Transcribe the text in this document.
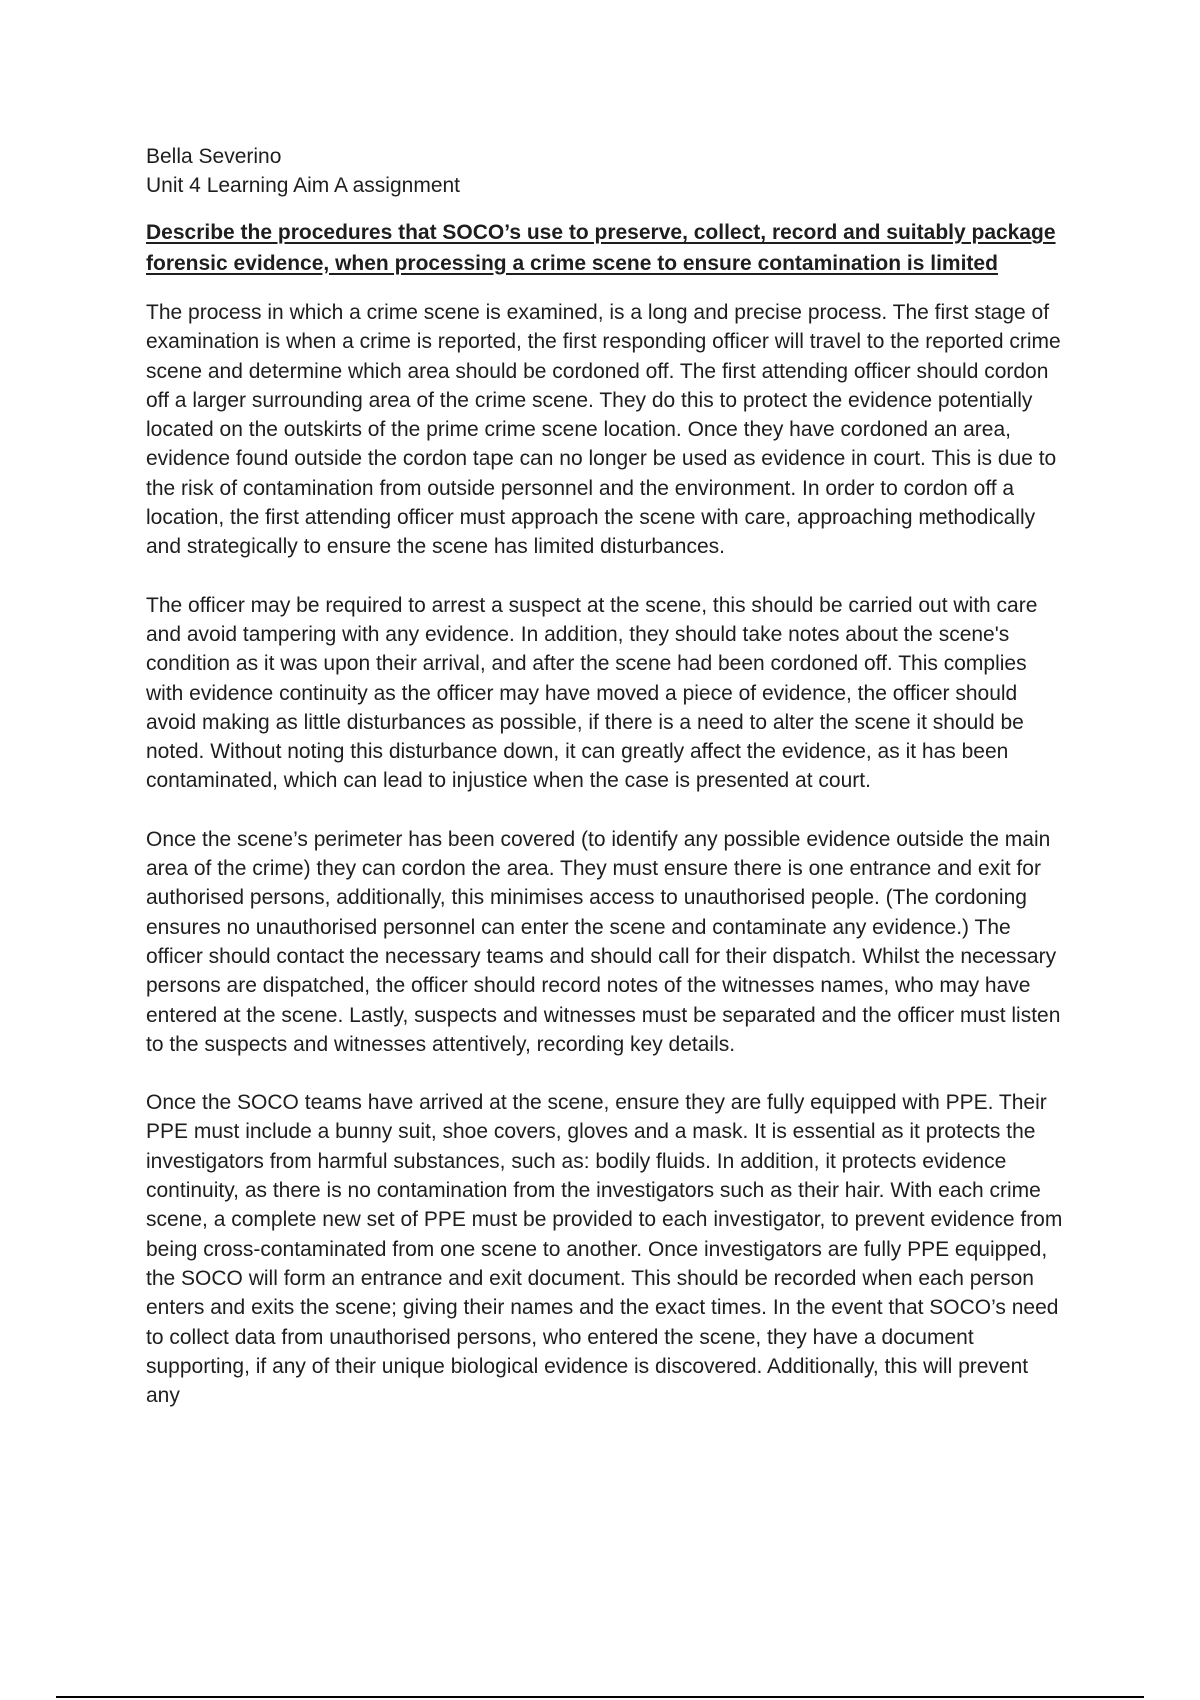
Bella Severino

Unit 4 Learning Aim A assignment

Describe the procedures that SOCO’s use to preserve, collect, record and suitably package forensic evidence, when processing a crime scene to ensure contamination is limited

The process in which a crime scene is examined, is a long and precise process. The first stage of examination is when a crime is reported, the first responding officer will travel to the reported crime scene and determine which area should be cordoned off. The first attending officer should cordon off a larger surrounding area of the crime scene. They do this to protect the evidence potentially located on the outskirts of the prime crime scene location. Once they have cordoned an area, evidence found outside the cordon tape can no longer be used as evidence in court. This is due to the risk of contamination from outside personnel and the environment. In order to cordon off a location, the first attending officer must approach the scene with care, approaching methodically and strategically to ensure the scene has limited disturbances.

The officer may be required to arrest a suspect at the scene, this should be carried out with care and avoid tampering with any evidence. In addition, they should take notes about the scene's condition as it was upon their arrival, and after the scene had been cordoned off. This complies with evidence continuity as the officer may have moved a piece of evidence, the officer should avoid making as little disturbances as possible, if there is a need to alter the scene it should be noted. Without noting this disturbance down, it can greatly affect the evidence, as it has been contaminated, which can lead to injustice when the case is presented at court.

Once the scene’s perimeter has been covered (to identify any possible evidence outside the main area of the crime) they can cordon the area. They must ensure there is one entrance and exit for authorised persons, additionally, this minimises access to unauthorised people. (The cordoning ensures no unauthorised personnel can enter the scene and contaminate any evidence.) The officer should contact the necessary teams and should call for their dispatch. Whilst the necessary persons are dispatched, the officer should record notes of the witnesses names, who may have entered at the scene. Lastly, suspects and witnesses must be separated and the officer must listen to the suspects and witnesses attentively, recording key details.

Once the SOCO teams have arrived at the scene, ensure they are fully equipped with PPE. Their PPE must include a bunny suit, shoe covers, gloves and a mask. It is essential as it protects the investigators from harmful substances, such as: bodily fluids. In addition, it protects evidence continuity, as there is no contamination from the investigators such as their hair. With each crime scene, a complete new set of PPE must be provided to each investigator, to prevent evidence from being cross-contaminated from one scene to another. Once investigators are fully PPE equipped, the SOCO will form an entrance and exit document. This should be recorded when each person enters and exits the scene; giving their names and the exact times. In the event that SOCO’s need to collect data from unauthorised persons, who entered the scene, they have a document supporting, if any of their unique biological evidence is discovered. Additionally, this will prevent any
